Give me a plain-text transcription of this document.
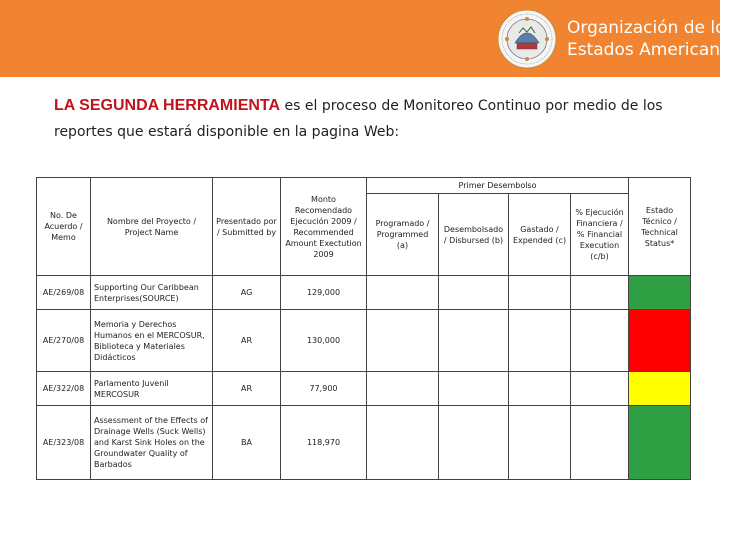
Organización de los
Estados Americanos
LA SEGUNDA HERRAMIENTA es el proceso de Monitoreo Continuo por medio de los
reportes que estará disponible en la pagina Web:
No. De Acuerdo / Memo	Nombre del Proyecto / Project Name	Presentado por / Submitted by	Monto Recomendado Ejecución 2009 / Recommended Amount Exectution 2009	Primer Desembolso				Estado Técnico / Technical Status*
				Programado / Programmed (a)	Desembolsado / Disbursed (b)	Gastado / Expended (c)	% Ejecución Financiera / % Financial Execution (c/b)	
AE/269/08	Supporting Our Caribbean Enterprises(SOURCE)	AG	129,000					
AE/270/08	Memoria y Derechos Humanos en el MERCOSUR, Biblioteca y Materiales Didácticos	AR	130,000					
AE/322/08	Parlamento Juvenil MERCOSUR	AR	77,900					
AE/323/08	Assessment of the Effects of Drainage Wells (Suck Wells) and Karst Sink Holes on the Groundwater Quality of Barbados	BA	118,970					
